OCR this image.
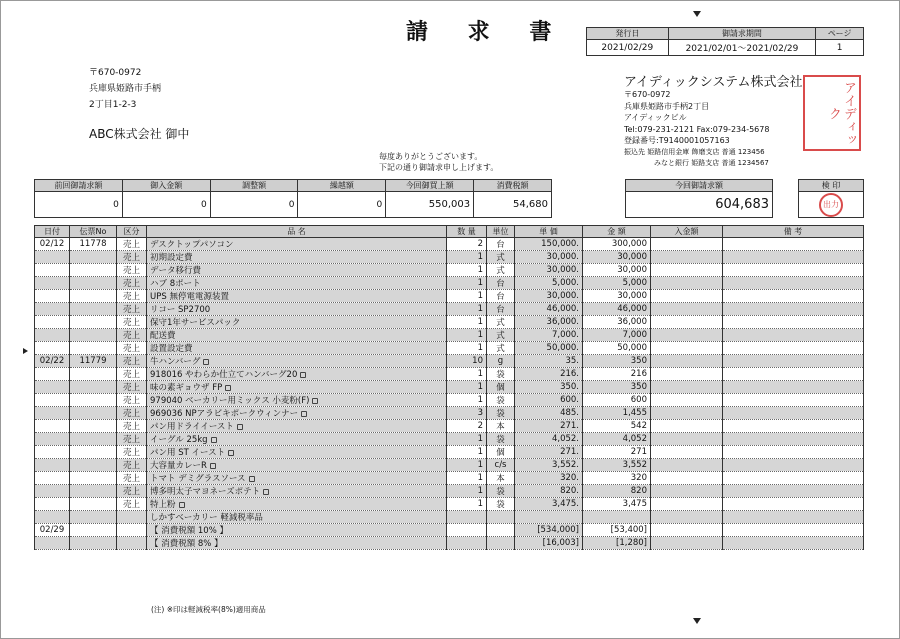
請 求 書	発行日	御請求期間	ページ
2021/02/29	2021/02/01〜2021/02/29	1
〒670-0972
兵庫県姫路市手柄
2丁目1-2-3
ABC株式会社 御中
アイディックシステム株式会社
〒670-0972
兵庫県姫路市手柄2丁目
アイディックビル
Tel:079-231-2121 Fax:079-234-5678
登録番号:T9140001057163
振込先 姫路信用金庫 飾磨支店 普通 123456
みなと銀行 姫路支店 普通 1234567
アイディック
毎度ありがとうございます。
下記の通り御請求申し上げます。
前回御請求額	御入金額	調整額	繰越額	今回御買上額	消費税額
0	0	0	0	550,003	54,680
今回御請求額
604,683
検 印
出力
日付	伝票No	区分	品 名	数 量	単位	単 価	金 額	入金額	備 考
02/12	11778	売上	デスクトップパソコン	2	台	150,000.	300,000		
		売上	初期設定費	1	式	30,000.	30,000		
		売上	データ移行費	1	式	30,000.	30,000		
		売上	ハブ 8ポート	1	台	5,000.	5,000		
		売上	UPS 無停電電源装置	1	台	30,000.	30,000		
		売上	リコー SP2700	1	台	46,000.	46,000		
		売上	保守1年サービスパック	1	式	36,000.	36,000		
		売上	配送費	1	式	7,000.	7,000		
		売上	設置設定費	1	式	50,000.	50,000		
02/22	11779	売上	牛ハンバーグ	10	g	35.	350		
		売上	918016 やわらか仕立てハンバーグ20	1	袋	216.	216		
		売上	味の素ギョウザ FP	1	個	350.	350		
		売上	979040 ベーカリー用ミックス 小麦粉(F)	1	袋	600.	600		
		売上	969036 NPアラビキポークウィンナー	3	袋	485.	1,455		
		売上	パン用ドライイースト	2	本	271.	542		
		売上	イーグル 25kg	1	袋	4,052.	4,052		
		売上	パン用 ST イースト	1	個	271.	271		
		売上	大容量カレーR	1	c/s	3,552.	3,552		
		売上	トマト デミグラスソース	1	本	320.	320		
		売上	博多明太子マヨネーズポテト	1	袋	820.	820		
		売上	特上粉	1	袋	3,475.	3,475		
			しかすべーカリー 軽減税率品						
02/29			【 消費税額 10% 】			[534,000]	[53,400]		
			【 消費税額 8% 】			[16,003]	[1,280]		
(注) ※印は軽減税率(8%)適用商品
